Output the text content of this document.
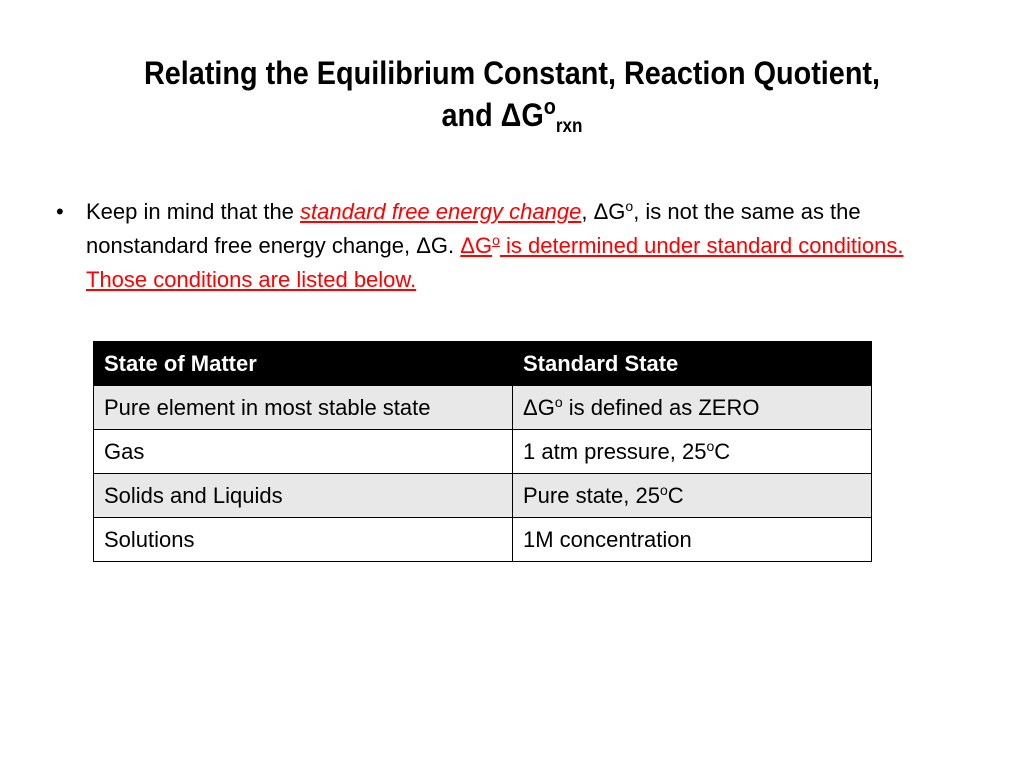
Relating the Equilibrium Constant, Reaction Quotient,
and $\Delta G^o_{rxn}$
• Keep in mind that the standard free energy change, $\Delta G^o$, is not the same as the nonstandard free energy change, ΔG. $\Delta G^o$ is determined under standard conditions. Those conditions are listed below.
State of Matter	Standard State
Pure element in most stable state	$\Delta G^o$ is defined as ZERO
Gas	1 atm pressure, 25$^o$C
Solids and Liquids	Pure state, 25$^o$C
Solutions	1M concentration
